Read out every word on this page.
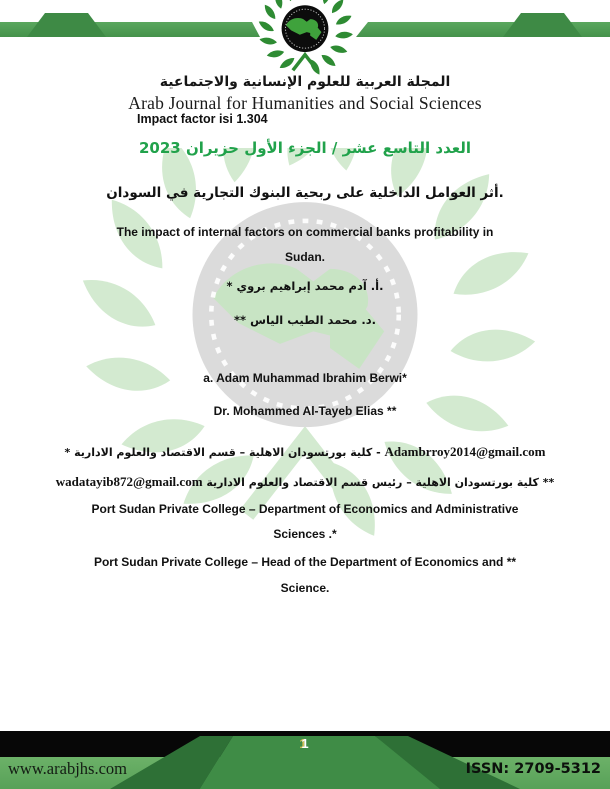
المجلة العربية للعلوم الإنسانية والاجتماعية
Arab Journal for Humanities and Social Sciences
Impact factor isi 1.304
العدد التاسع عشر / الجزء الأول حزيران 2023
أثر العوامل الداخلية على ربحية البنوك التجارية في السودان.
The impact of internal factors on commercial banks profitability in
Sudan.
* أ. آدم محمد إبراهيم بروي.
** د. محمد الطيب الياس.
a. Adam Muhammad Ibrahim Berwi*
Dr. Mohammed Al-Tayeb Elias **
* كلية بورتسودان الاهلية – قسم الاقتصاد والعلوم الادارية - Adambrroy2014@gmail.com
** كلية بورتسودان الاهلية – رئيس قسم الاقتصاد والعلوم الادارية wadatayib872@gmail.com
Port Sudan Private College – Department of Economics and Administrative
Sciences .*
Port Sudan Private College – Head of the Department of Economics and **
Science.
1
www.arabjhs.com	ISSN: 2709-5312
